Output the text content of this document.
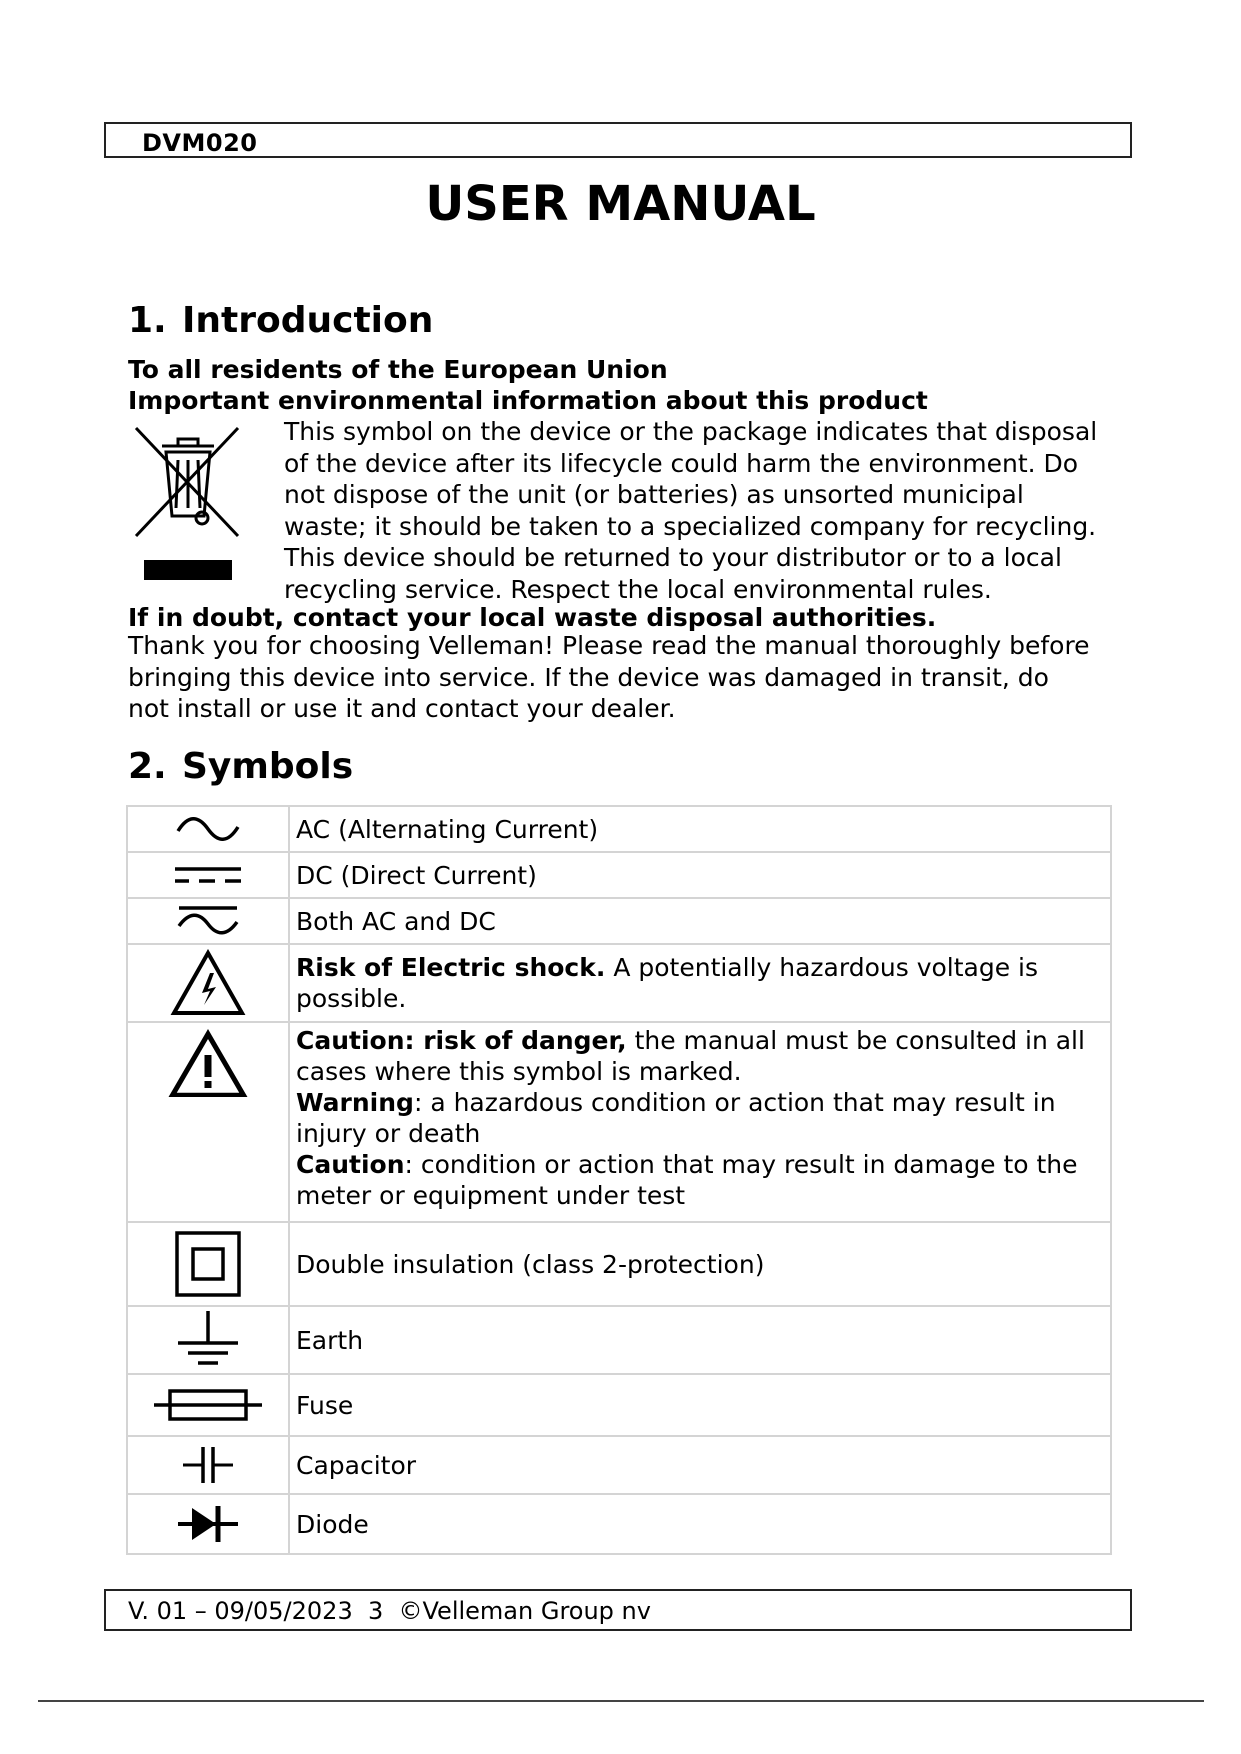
DVM020
USER MANUAL
1. Introduction
To all residents of the European Union
Important environmental information about this product
This symbol on the device or the package indicates that disposal
of the device after its lifecycle could harm the environment. Do
not dispose of the unit (or batteries) as unsorted municipal
waste; it should be taken to a specialized company for recycling.
This device should be returned to your distributor or to a local
recycling service. Respect the local environmental rules.
If in doubt, contact your local waste disposal authorities.
Thank you for choosing Velleman! Please read the manual thoroughly before
bringing this device into service. If the device was damaged in transit, do
not install or use it and contact your dealer.
2. Symbols
	AC (Alternating Current)

	DC (Direct Current)

	Both AC and DC

	Risk of Electric shock. A potentially hazardous voltage is possible.

Caution: risk of danger, the manual must be consulted in all cases where this symbol is marked.
Warning: a hazardous condition or action that may result in injury or death
Caution: condition or action that may result in damage to the meter or equipment under test

	Double insulation (class 2-protection)

	Earth

	Fuse

	Capacitor

	Diode
V. 01 – 09/05/2023  3  ©Velleman Group nv
